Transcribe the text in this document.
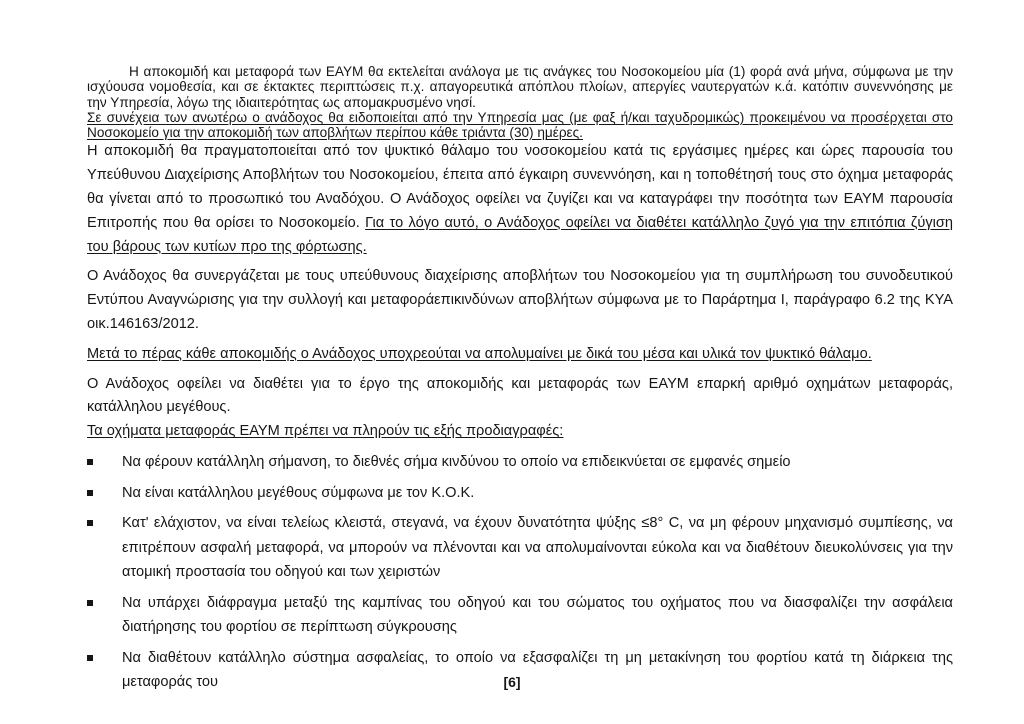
Η αποκομιδή και μεταφορά των ΕΑΥΜ θα εκτελείται ανάλογα με τις ανάγκες του Νοσοκομείου μία (1) φορά ανά μήνα, σύμφωνα με την ισχύουσα νομοθεσία, και σε έκτακτες περιπτώσεις π.χ. απαγορευτικά απόπλου πλοίων, απεργίες ναυτεργατών κ.ά. κατόπιν συνεννόησης με την Υπηρεσία, λόγω της ιδιαιτερότητας ως απομακρυσμένο νησί.

Σε συνέχεια των ανωτέρω ο ανάδοχος θα ειδοποιείται από την Υπηρεσία μας (με φαξ ή/και ταχυδρομικώς) προκειμένου να προσέρχεται στο Νοσοκομείο για την αποκομιδή των αποβλήτων περίπου κάθε τριάντα (30) ημέρες.

Η αποκομιδή θα πραγματοποιείται από τον ψυκτικό θάλαμο του νοσοκομείου κατά τις εργάσιμες ημέρες και ώρες παρουσία του Υπεύθυνου Διαχείρισης Αποβλήτων του Νοσοκομείου, έπειτα από έγκαιρη συνεννόηση, και η τοποθέτησή τους στο όχημα μεταφοράς θα γίνεται από το προσωπικό του Αναδόχου. Ο Ανάδοχος οφείλει να ζυγίζει και να καταγράφει την ποσότητα των ΕΑΥΜ παρουσία Επιτροπής που θα ορίσει το Νοσοκομείο. Για το λόγο αυτό, ο Ανάδοχος οφείλει να διαθέτει κατάλληλο ζυγό για την επιτόπια ζύγιση του βάρους των κυτίων προ της φόρτωσης.

Ο Ανάδοχος θα συνεργάζεται με τους υπεύθυνους διαχείρισης αποβλήτων του Νοσοκομείου για τη συμπλήρωση του συνοδευτικού Εντύπου Αναγνώρισης για την συλλογή και μεταφοράεπικινδύνων αποβλήτων σύμφωνα με το Παράρτημα Ι, παράγραφο 6.2 της ΚΥΑ οικ.146163/2012.

Μετά το πέρας κάθε αποκομιδής ο Ανάδοχος υποχρεούται να απολυμαίνει με δικά του μέσα και υλικά τον ψυκτικό θάλαμο.

Ο Ανάδοχος οφείλει να διαθέτει για το έργο της αποκομιδής και μεταφοράς των ΕΑΥΜ επαρκή αριθμό οχημάτων μεταφοράς, κατάλληλου μεγέθους.

Τα οχήματα μεταφοράς ΕΑΥΜ πρέπει να πληρούν τις εξής προδιαγραφές:

Να φέρουν κατάλληλη σήμανση, το διεθνές σήμα κινδύνου το οποίο να επιδεικνύεται σε εμφανές σημείο
Να είναι κατάλληλου μεγέθους σύμφωνα με τον Κ.Ο.Κ.
Κατ' ελάχιστον, να είναι τελείως κλειστά, στεγανά, να έχουν δυνατότητα ψύξης ≤8° C, να μη φέρουν μηχανισμό συμπίεσης, να επιτρέπουν ασφαλή μεταφορά, να μπορούν να πλένονται και να απολυμαίνονται εύκολα και να διαθέτουν διευκολύνσεις για την ατομική προστασία του οδηγού και των χειριστών
Να υπάρχει διάφραγμα μεταξύ της καμπίνας του οδηγού και του σώματος του οχήματος που να διασφαλίζει την ασφάλεια διατήρησης του φορτίου σε περίπτωση σύγκρουσης
Να διαθέτουν κατάλληλο σύστημα ασφαλείας, το οποίο να εξασφαλίζει τη μη μετακίνηση του φορτίου κατά τη διάρκεια της μεταφοράς του	[6]
